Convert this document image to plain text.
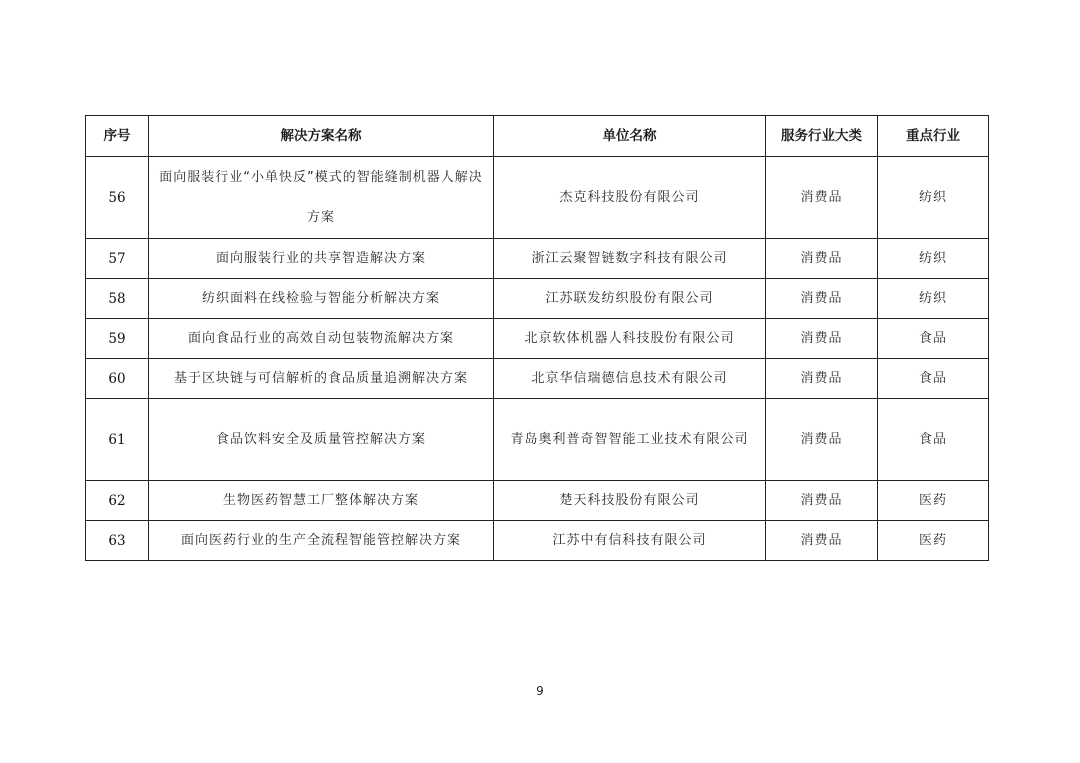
序号	解决方案名称	单位名称	服务行业大类	重点行业
56	面向服装行业“小单快反”模式的智能缝制机器人解决方案	杰克科技股份有限公司	消费品	纺织
57	面向服装行业的共享智造解决方案	浙江云聚智链数字科技有限公司	消费品	纺织
58	纺织面料在线检验与智能分析解决方案	江苏联发纺织股份有限公司	消费品	纺织
59	面向食品行业的高效自动包装物流解决方案	北京软体机器人科技股份有限公司	消费品	食品
60	基于区块链与可信解析的食品质量追溯解决方案	北京华信瑞德信息技术有限公司	消费品	食品
61	食品饮料安全及质量管控解决方案	青岛奥利普奇智智能工业技术有限公司	消费品	食品
62	生物医药智慧工厂整体解决方案	楚天科技股份有限公司	消费品	医药
63	面向医药行业的生产全流程智能管控解决方案	江苏中有信科技有限公司	消费品	医药
9
